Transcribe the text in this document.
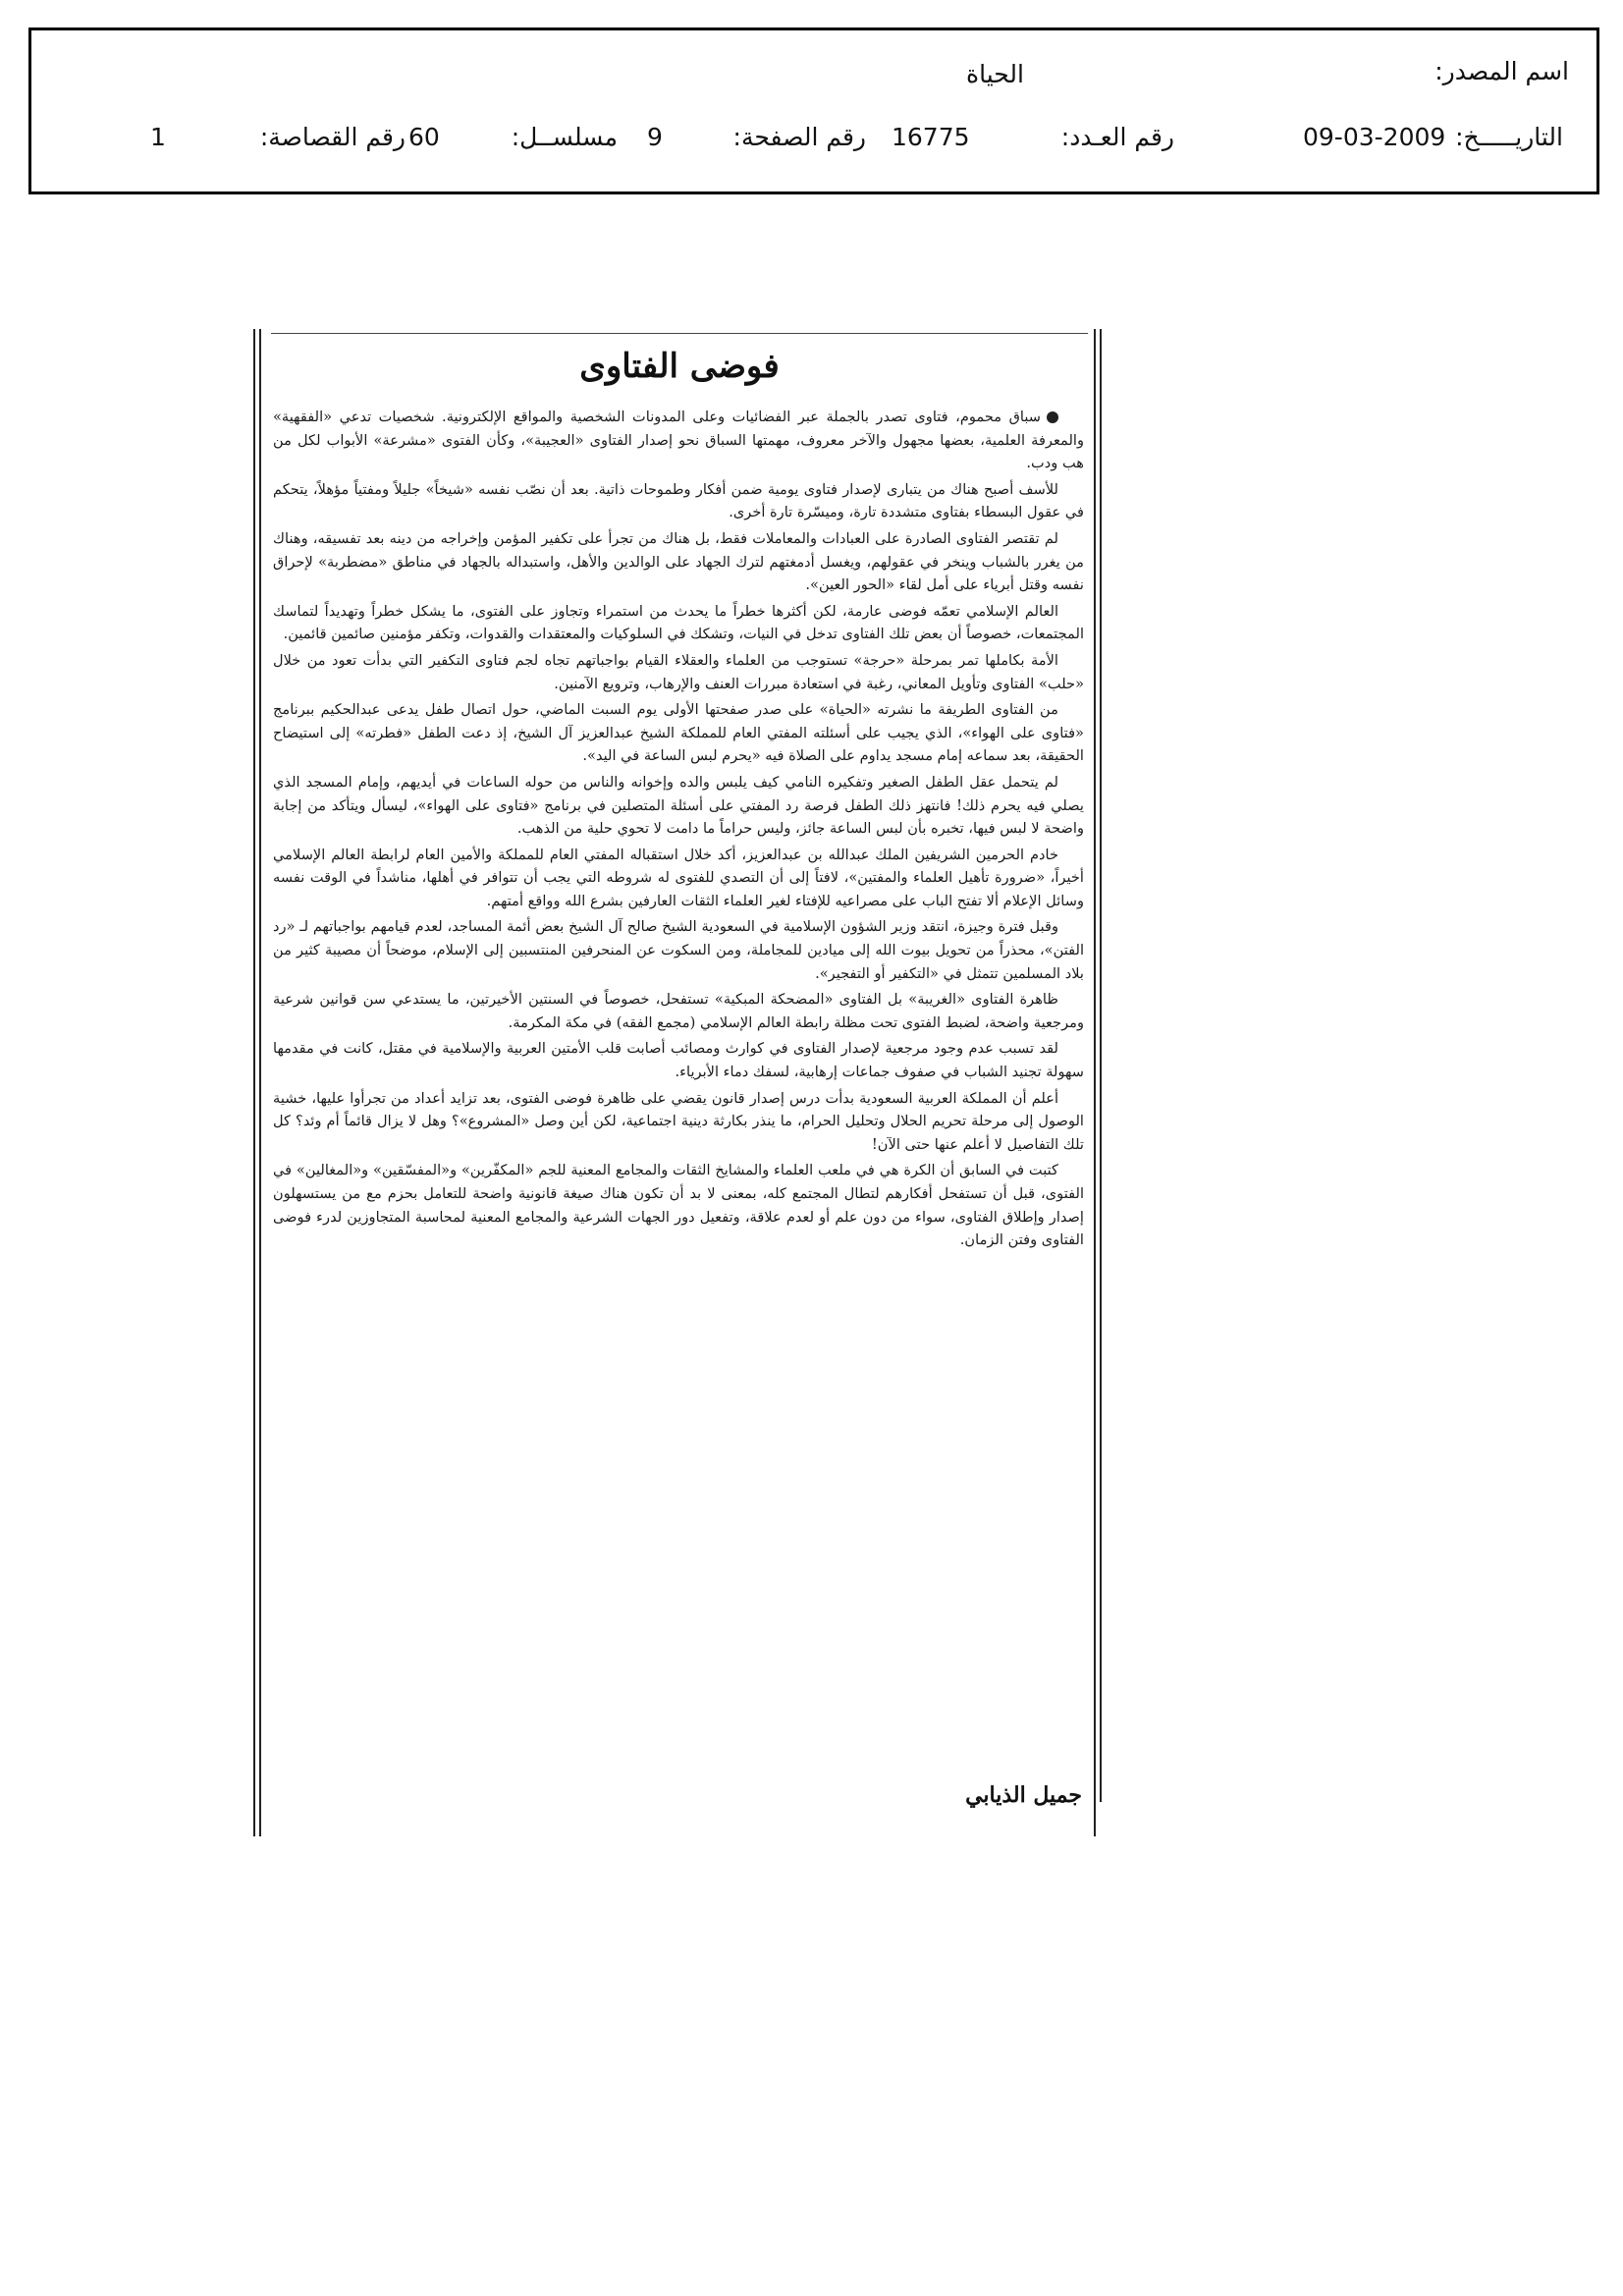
اسم المصدر:
الحياة
التاريـــــخ:
09-03-2009
رقم العـدد:
16775
رقم الصفحة:
9
مسلســل:
60
رقم القصاصة:
1
فوضى الفتاوى

سباق محموم، فتاوى تصدر بالجملة عبر الفضائيات وعلى المدونات الشخصية والمواقع الإلكترونية. شخصيات تدعي «الفقهية» والمعرفة العلمية، بعضها مجهول والآخر معروف، مهمتها السباق نحو إصدار الفتاوى «العجيبة»، وكأن الفتوى «مشرعة» الأبواب لكل من هب ودب.

للأسف أصبح هناك من يتبارى لإصدار فتاوى يومية ضمن أفكار وطموحات ذاتية. بعد أن نصّب نفسه «شيخاً» جليلاً ومفتياً مؤهلاً، يتحكم في عقول البسطاء بفتاوى متشددة تارة، وميسّرة تارة أخرى.

لم تقتصر الفتاوى الصادرة على العبادات والمعاملات فقط، بل هناك من تجرأ على تكفير المؤمن وإخراجه من دينه بعد تفسيقه، وهناك من يغرر بالشباب وينخر في عقولهم، ويغسل أدمغتهم لترك الجهاد على الوالدين والأهل، واستبداله بالجهاد في مناطق «مضطربة» لإحراق نفسه وقتل أبرياء على أمل لقاء «الحور العين».

العالم الإسلامي تعمّه فوضى عارمة، لكن أكثرها خطراً ما يحدث من استمراء وتجاوز على الفتوى، ما يشكل خطراً وتهديداً لتماسك المجتمعات، خصوصاً أن بعض تلك الفتاوى تدخل في النيات، وتشكك في السلوكيات والمعتقدات والقدوات، وتكفر مؤمنين صائمين قائمين.

الأمة بكاملها تمر بمرحلة «حرجة» تستوجب من العلماء والعقلاء القيام بواجباتهم تجاه لجم فتاوى التكفير التي بدأت تعود من خلال «حلب» الفتاوى وتأويل المعاني، رغبة في استعادة مبررات العنف والإرهاب، وترويع الآمنين.

من الفتاوى الطريفة ما نشرته «الحياة» على صدر صفحتها الأولى يوم السبت الماضي، حول اتصال طفل يدعى عبدالحكيم ببرنامج «فتاوى على الهواء»، الذي يجيب على أسئلته المفتي العام للمملكة الشيخ عبدالعزيز آل الشيخ، إذ دعت الطفل «فطرته» إلى استيضاح الحقيقة، بعد سماعه إمام مسجد يداوم على الصلاة فيه «يحرم لبس الساعة في اليد».

لم يتحمل عقل الطفل الصغير وتفكيره النامي كيف يلبس والده وإخوانه والناس من حوله الساعات في أيديهم، وإمام المسجد الذي يصلي فيه يحرم ذلك! فانتهز ذلك الطفل فرصة رد المفتي على أسئلة المتصلين في برنامج «فتاوى على الهواء»، ليسأل ويتأكد من إجابة واضحة لا لبس فيها، تخبره بأن لبس الساعة جائز، وليس حراماً ما دامت لا تحوي حلية من الذهب.

خادم الحرمين الشريفين الملك عبدالله بن عبدالعزيز، أكد خلال استقباله المفتي العام للمملكة والأمين العام لرابطة العالم الإسلامي أخيراً، «ضرورة تأهيل العلماء والمفتين»، لافتاً إلى أن التصدي للفتوى له شروطه التي يجب أن تتوافر في أهلها، مناشداً في الوقت نفسه وسائل الإعلام ألا تفتح الباب على مصراعيه للإفتاء لغير العلماء الثقات العارفين بشرع الله وواقع أمتهم.

وقبل فترة وجيزة، انتقد وزير الشؤون الإسلامية في السعودية الشيخ صالح آل الشيخ بعض أئمة المساجد، لعدم قيامهم بواجباتهم لـ «رد الفتن»، محذراً من تحويل بيوت الله إلى ميادين للمجاملة، ومن السكوت عن المنحرفين المنتسبين إلى الإسلام، موضحاً أن مصيبة كثير من بلاد المسلمين تتمثل في «التكفير أو التفجير».

ظاهرة الفتاوى «الغريبة» بل الفتاوى «المضحكة المبكية» تستفحل، خصوصاً في السنتين الأخيرتين، ما يستدعي سن قوانين شرعية ومرجعية واضحة، لضبط الفتوى تحت مظلة رابطة العالم الإسلامي (مجمع الفقه) في مكة المكرمة.

لقد تسبب عدم وجود مرجعية لإصدار الفتاوى في كوارث ومصائب أصابت قلب الأمتين العربية والإسلامية في مقتل، كانت في مقدمها سهولة تجنيد الشباب في صفوف جماعات إرهابية، لسفك دماء الأبرياء.

أعلم أن المملكة العربية السعودية بدأت درس إصدار قانون يقضي على ظاهرة فوضى الفتوى، بعد تزايد أعداد من تجرأوا عليها، خشية الوصول إلى مرحلة تحريم الحلال وتحليل الحرام، ما ينذر بكارثة دينية اجتماعية، لكن أين وصل «المشروع»؟ وهل لا يزال قائماً أم وئد؟ كل تلك التفاصيل لا أعلم عنها حتى الآن!

كتبت في السابق أن الكرة هي في ملعب العلماء والمشايخ الثقات والمجامع المعنية للجم «المكفّرين» و«المفسّقين» و«المغالين» في الفتوى، قبل أن تستفحل أفكارهم لتطال المجتمع كله، بمعنى لا بد أن تكون هناك صيغة قانونية واضحة للتعامل بحزم مع من يستسهلون إصدار وإطلاق الفتاوى، سواء من دون علم أو لعدم علاقة، وتفعيل دور الجهات الشرعية والمجامع المعنية لمحاسبة المتجاوزين لدرء فوضى الفتاوى وفتن الزمان.

جميل الذيابي
